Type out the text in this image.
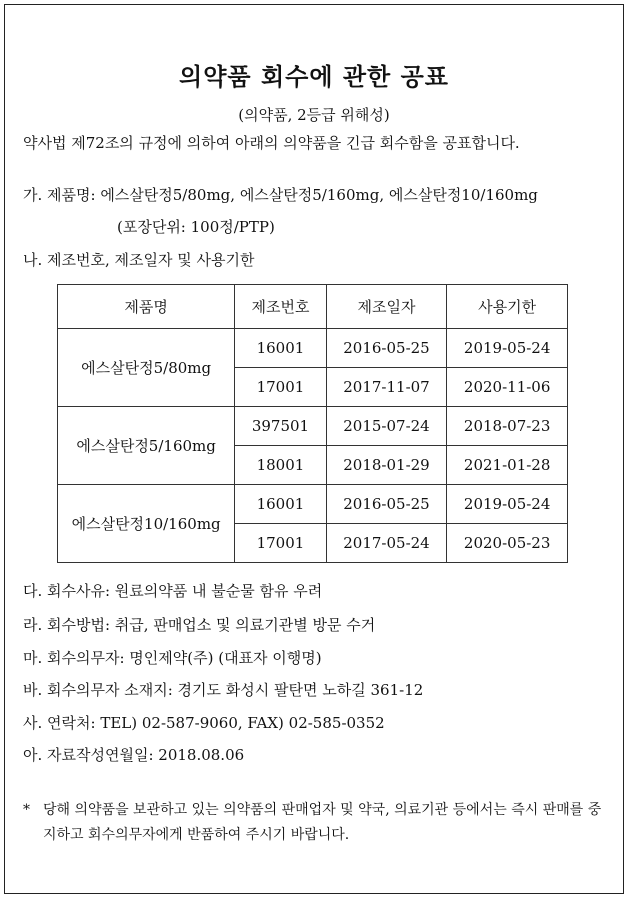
의약품 회수에 관한 공표
(의약품, 2등급 위해성)
약사법 제72조의 규정에 의하여 아래의 의약품을 긴급 회수함을 공표합니다.
가. 제품명: 에스살탄정5/80mg, 에스살탄정5/160mg, 에스살탄정10/160mg
(포장단위: 100정/PTP)
나. 제조번호, 제조일자 및 사용기한
제품명	제조번호	제조일자	사용기한
에스살탄정5/80mg	16001	2016-05-25	2019-05-24
	17001	2017-11-07	2020-11-06
에스살탄정5/160mg	397501	2015-07-24	2018-07-23
	18001	2018-01-29	2021-01-28
에스살탄정10/160mg	16001	2016-05-25	2019-05-24
	17001	2017-05-24	2020-05-23
다. 회수사유: 원료의약품 내 불순물 함유 우려
라. 회수방법: 취급, 판매업소 및 의료기관별 방문 수거
마. 회수의무자: 명인제약(주) (대표자 이행명)
바. 회수의무자 소재지: 경기도 화성시 팔탄면 노하길 361-12
사. 연락처: TEL) 02-587-9060, FAX) 02-585-0352
아. 자료작성연월일: 2018.08.06
* 당해 의약품을 보관하고 있는 의약품의 판매업자 및 약국, 의료기관 등에서는 즉시 판매를 중지하고 회수의무자에게 반품하여 주시기 바랍니다.
